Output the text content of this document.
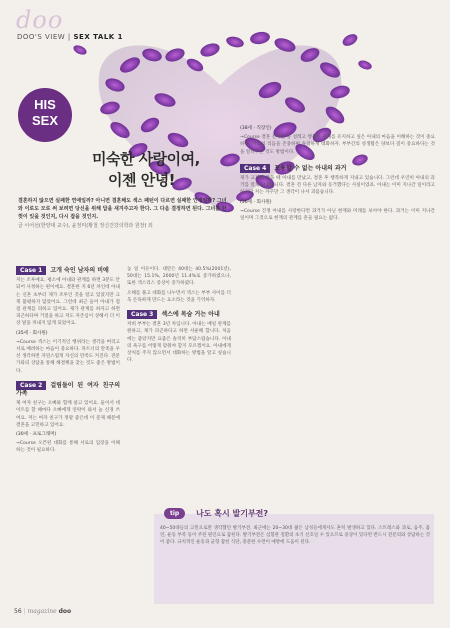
doo
DOO'S VIEW | SEX TALK 1
HIS
SEX
미숙한 사랑이여,
이젠 안녕!
결혼하지 않으면 실패한 연애일까? 아니면 결혼해도 섹스 패턴이 다르면 실패한 인생일까? 그녀와 이로도 모로 써 보려면 당신을 위해 답을 새겨주고자 한다. 그 다음 결정하면 된다. 그녀를 한껏이 잊을 것인지, 다시 잡을 것인지.
글 이어선(한양대 교수), 윤정미(황철 정신건강의학과 원장) 외

Case 1 고개 숙인 남자의 비애

저는 조루예요. 평소에 아내와 관계를 하면 3분도 안 되어 사정하는 편이에요. 결혼한 지 6년 차인데 아내는 신혼 초부터 제가 조루인 것을 알고 있었지만 크게 불평하지 않았어요. 그런데 최근 들어 아내가 점점 관계를 피하고 있어요. 제가 관계를 하자고 하면 피곤하다며 거절을 하고 저도 자존심이 상해서 더 이상 말을 꺼내지 않게 되었어요.

(35세 · 회사원)

→Course 섹스는 이기적인 행위라는 생각을 버리고 서로 배려하는 마음이 중요하다. 파트너의 만족을 우선 생각하면 자연스럽게 자신의 만족도 커진다. 전문가와의 상담을 통해 해결책을 찾는 것도 좋은 방법이다.

Case 2 걸림돌이 된 여자 친구의 가족

제 여자 친구는 오빠와 함께 살고 있어요. 둘이서 데이트를 할 때마다 오빠에게 연락이 와서 늘 신경 쓰여요. 저는 여자 친구가 정말 좋은데 이 문제 때문에 결혼을 고민하고 있어요.

(30세 · 프로그래머)

→Course 오픈된 대화를 통해 서로의 입장을 이해하는 것이 필요하다.

높 일 이유이다. 대만은 40대는 40.5%(2001년), 50대는 15.1%, 2000년 11.4%로 증가하였으나, 또한 섹스리스 증상이 증가하였다.

오해를 풀고 대화를 나누면서 섹스는 부부 사이를 더욱 돈독하게 만드는 요소라는 것을 기억하자.

Case 3 섹스에 목숨 거는 아내

저희 부부는 결혼 3년 차입니다. 아내는 매일 관계를 원하고, 제가 피곤하다고 하면 서운해 합니다. 처음에는 좋았지만 요즘은 솔직히 부담스럽습니다. 아내의 욕구를 어떻게 맞춰야 할지 모르겠어요. 아내에게 상처를 주지 않으면서 대화하는 방법을 알고 싶습니다.

(38세 · 직장인)

→Course 결혼 전처럼 늘 설레고 행복한 관계를 유지하고 싶은 아내의 마음을 이해하는 것이 중요하다. 서로의 리듬을 존중하며 솔직하게 대화하자. 부부간의 성생활은 양보다 질이 중요하다는 것을 알려주는 것도 방법이다.

Case 4 포용할 수 없는 아내의 과거

제가 교제해 왔을 때 아내를 만났고, 결혼 후 행복하게 지내고 있습니다. 그런데 우연히 아내의 과거를 알게 되었습니다. 결혼 전 다른 남자와 동거했다는 사실이었죠. 아내는 이미 지나간 일이라고 하지만 저는 자꾸만 그 생각이 나서 괴롭습니다.

(36세 · 회사원)

→Course 진정 아내를 사랑한다면 과거가 아닌 현재와 미래를 보아야 한다. 과거는 이미 지나간 일이며 그것으로 현재의 관계를 흔들 필요는 없다.

tip	나도 혹시 발기부전?
40~50대들의 고민으로만 생각했던 발기부전. 최근에는 20~30대 젊은 남성들에게서도 흔히 발생하고 있다. 스트레스와 과로, 음주, 흡연, 운동 부족 등이 주된 원인으로 꼽힌다. 발기부전은 심혈관 질환의 초기 신호일 수 있으므로 증상이 있다면 반드시 전문의와 상담하는 것이 좋다. 규칙적인 운동과 균형 잡힌 식단, 충분한 수면이 예방에 도움이 된다.
56 | magazine doo
